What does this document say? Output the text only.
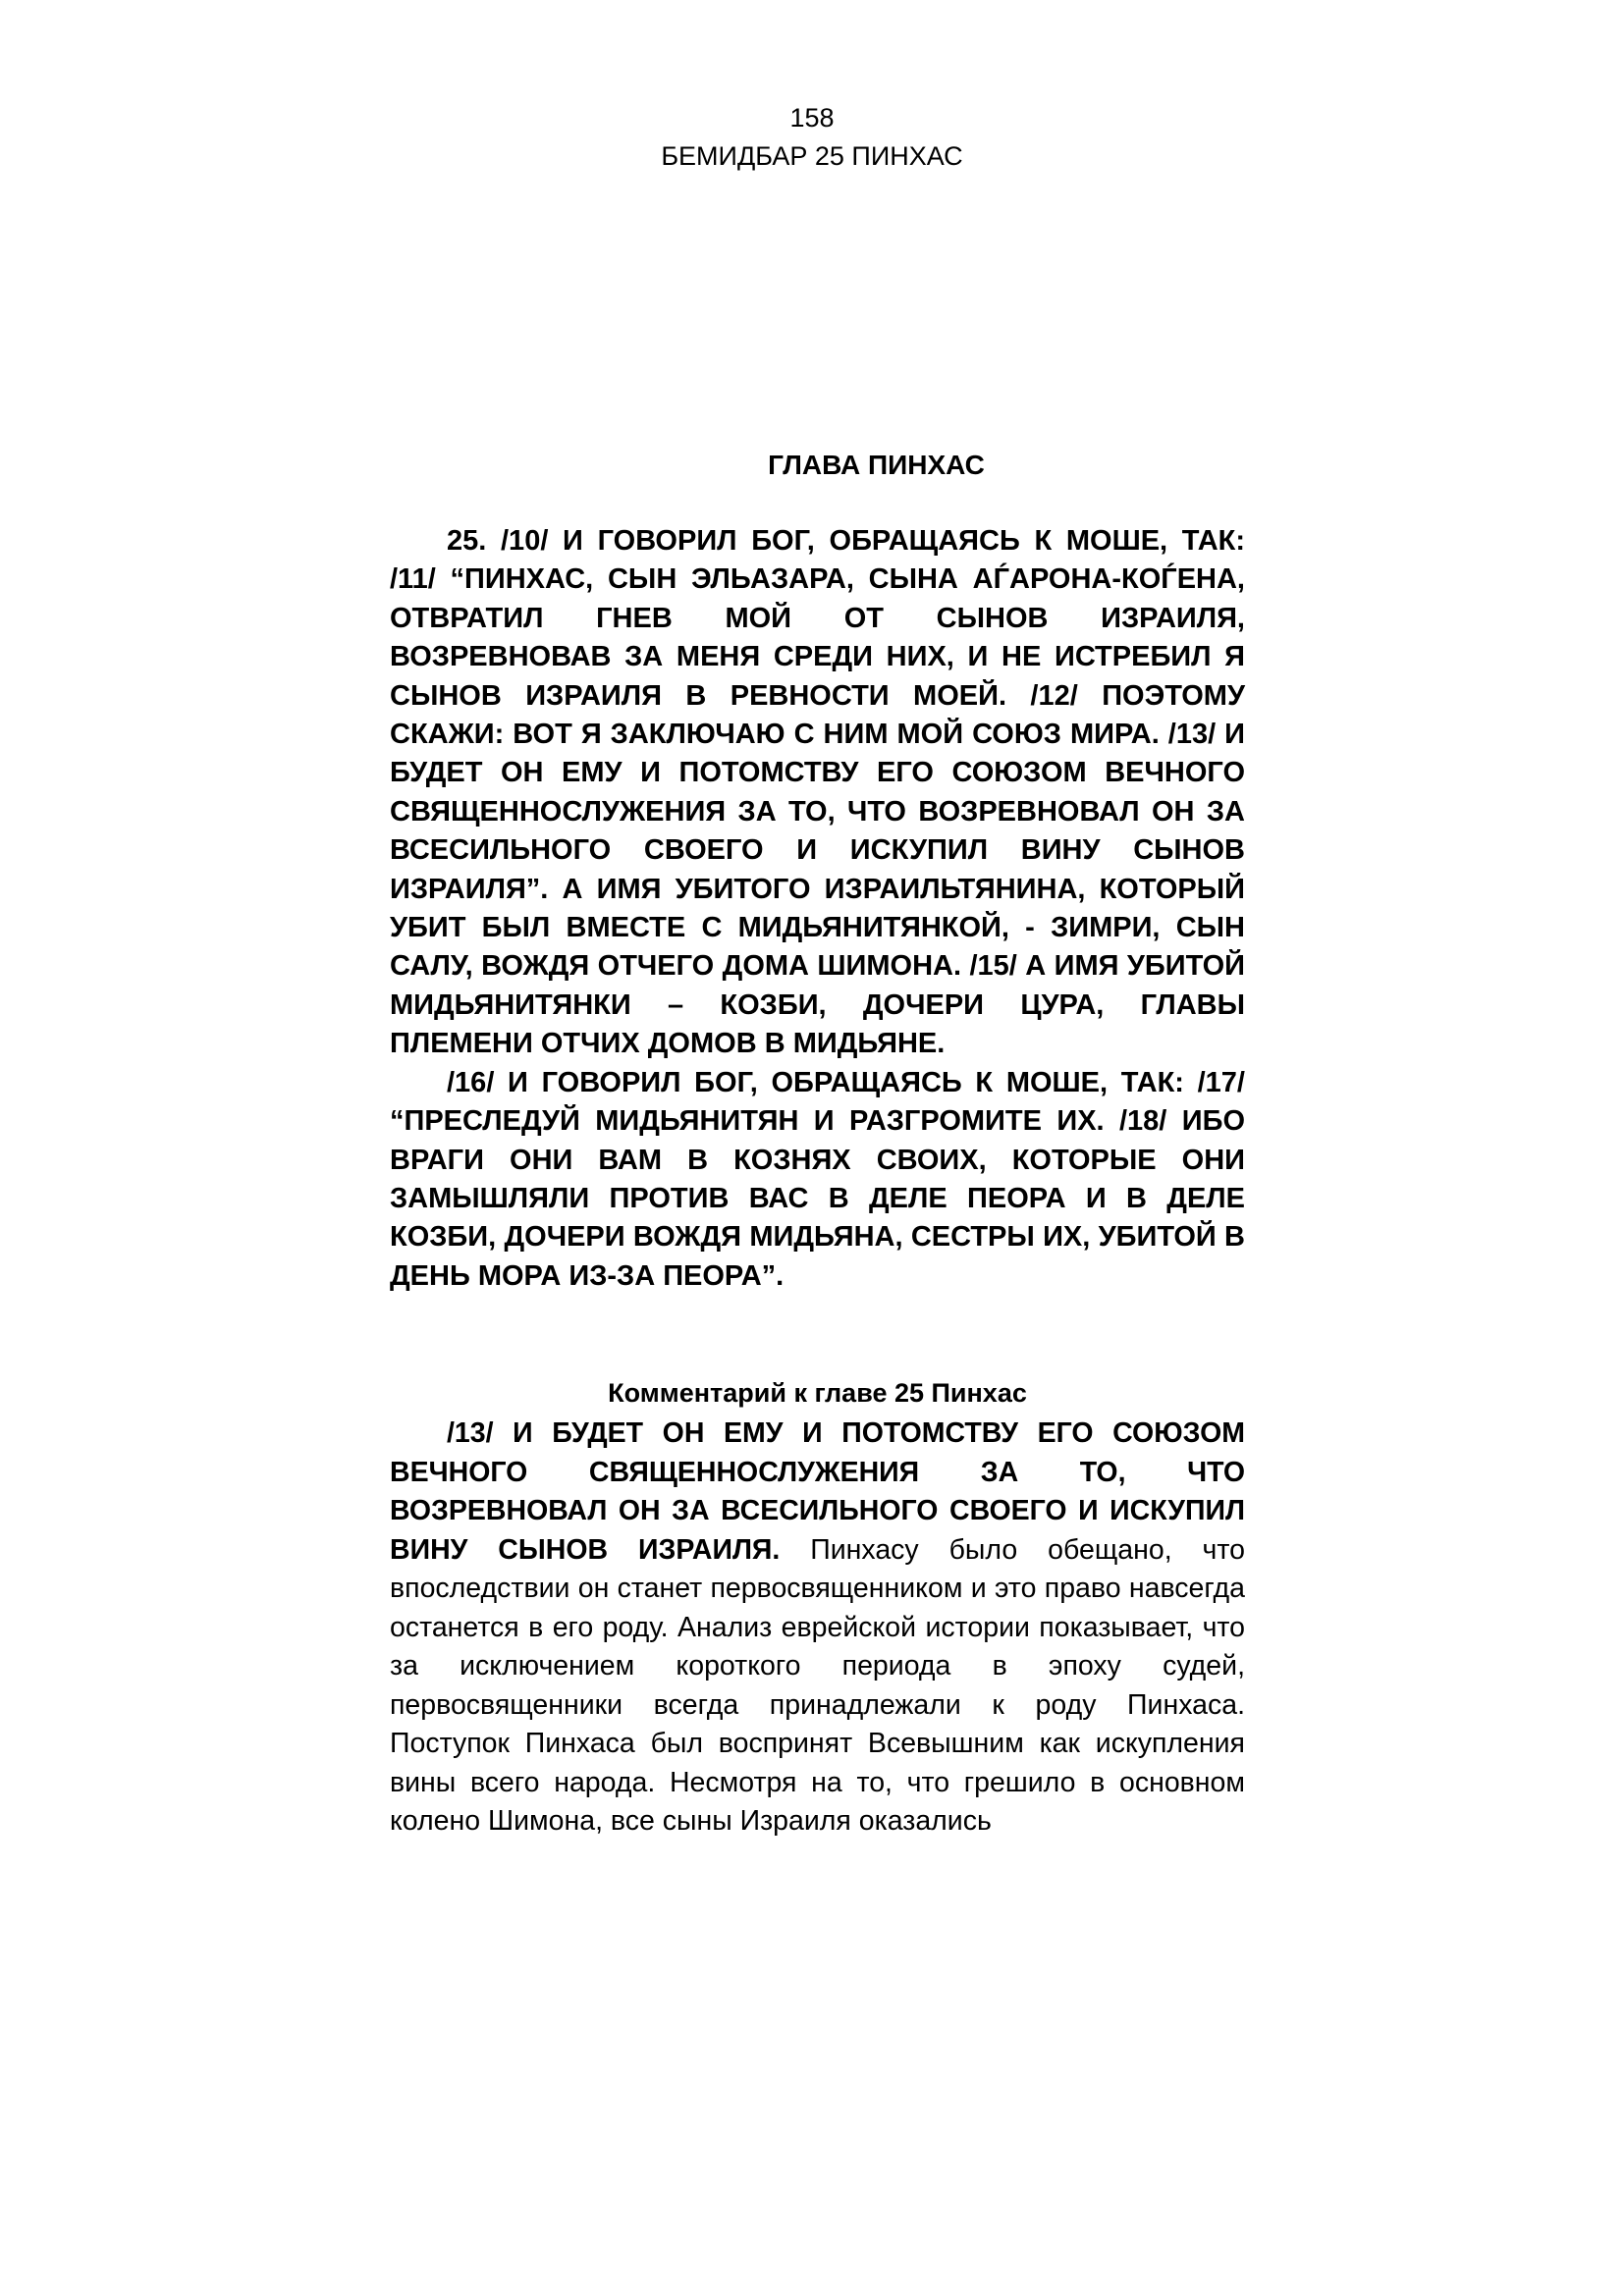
158
БЕМИДБАР 25 ПИНХАС
ГЛАВА ПИНХАС

25. /10/ И ГОВОРИЛ БОГ, ОБРАЩАЯСЬ К МОШЕ, ТАК: /11/ “ПИНХАС, СЫН ЭЛЬАЗАРА, СЫНА АЃАРОНА-КОЃЕНА, ОТВРАТИЛ ГНЕВ МОЙ ОТ СЫНОВ ИЗРАИЛЯ, ВОЗРЕВНОВАВ ЗА МЕНЯ СРЕДИ НИХ, И НЕ ИСТРЕБИЛ Я СЫНОВ ИЗРАИЛЯ В РЕВНОСТИ МОЕЙ. /12/ ПОЭТОМУ СКАЖИ: ВОТ Я ЗАКЛЮЧАЮ С НИМ МОЙ СОЮЗ МИРА. /13/ И БУДЕТ ОН ЕМУ И ПОТОМСТВУ ЕГО СОЮЗОМ ВЕЧНОГО СВЯЩЕННОСЛУЖЕНИЯ ЗА ТО, ЧТО ВОЗРЕВНОВАЛ ОН ЗА ВСЕСИЛЬНОГО СВОЕГО И ИСКУПИЛ ВИНУ СЫНОВ ИЗРАИЛЯ”. А ИМЯ УБИТОГО ИЗРАИЛЬТЯНИНА, КОТОРЫЙ УБИТ БЫЛ ВМЕСТЕ С МИДЬЯНИТЯНКОЙ, - ЗИМРИ, СЫН САЛУ, ВОЖДЯ ОТЧЕГО ДОМА ШИМОНА. /15/ А ИМЯ УБИТОЙ МИДЬЯНИТЯНКИ – КОЗБИ, ДОЧЕРИ ЦУРА, ГЛАВЫ ПЛЕМЕНИ ОТЧИХ ДОМОВ В МИДЬЯНЕ.

/16/ И ГОВОРИЛ БОГ, ОБРАЩАЯСЬ К МОШЕ, ТАК: /17/ “ПРЕСЛЕДУЙ МИДЬЯНИТЯН И РАЗГРОМИТЕ ИХ. /18/ ИБО ВРАГИ ОНИ ВАМ В КОЗНЯХ СВОИХ, КОТОРЫЕ ОНИ ЗАМЫШЛЯЛИ ПРОТИВ ВАС В ДЕЛЕ ПЕОРА И В ДЕЛЕ КОЗБИ, ДОЧЕРИ ВОЖДЯ МИДЬЯНА, СЕСТРЫ ИХ, УБИТОЙ В ДЕНЬ МОРА ИЗ-ЗА ПЕОРА”.

Комментарий к главе 25 Пинхас

/13/ И БУДЕТ ОН ЕМУ И ПОТОМСТВУ ЕГО СОЮЗОМ ВЕЧНОГО СВЯЩЕННОСЛУЖЕНИЯ ЗА ТО, ЧТО ВОЗРЕВНОВАЛ ОН ЗА ВСЕСИЛЬНОГО СВОЕГО И ИСКУПИЛ ВИНУ СЫНОВ ИЗРАИЛЯ. Пинхасу было обещано, что впоследствии он станет первосвященником и это право навсегда останется в его роду. Анализ еврейской истории показывает, что за исключением короткого периода в эпоху судей, первосвященники всегда принадлежали к роду Пинхаса. Поступок Пинхаса был воспринят Всевышним как искупления вины всего народа. Несмотря на то, что грешило в основном колено Шимона, все сыны Израиля оказались
